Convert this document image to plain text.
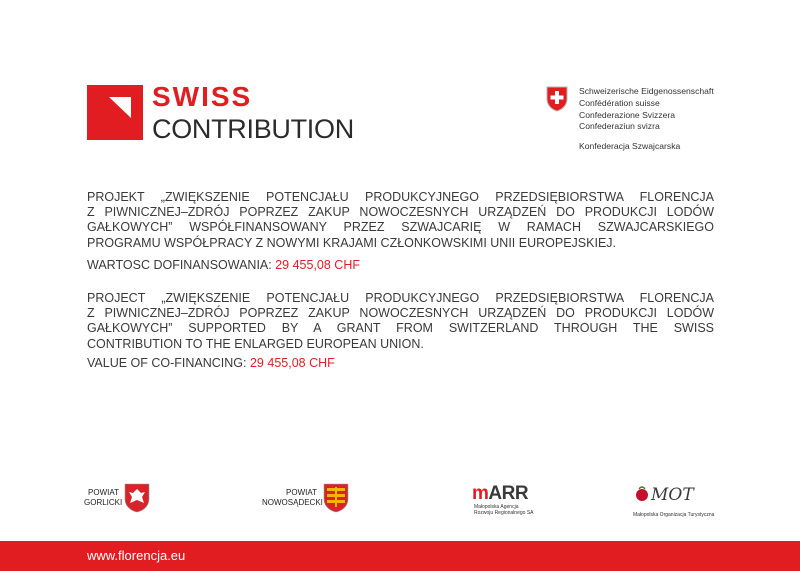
SWISS
CONTRIBUTION
Schweizerische Eidgenossenschaft
Confédération suisse
Confederazione Svizzera
Confederaziun svizra
Konfederacja Szwajcarska
PROJEKT „ZWIĘKSZENIE POTENCJAŁU PRODUKCYJNEGO PRZEDSIĘBIORSTWA FLORENCJA
Z PIWNICZNEJ–ZDRÓJ POPRZEZ ZAKUP NOWOCZESNYCH URZĄDZEŃ DO PRODUKCJI LODÓW
GAŁKOWYCH” WSPÓŁFINANSOWANY PRZEZ SZWAJCARIĘ W RAMACH SZWAJCARSKIEGO
PROGRAMU WSPÓŁPRACY Z NOWYMI KRAJAMI CZŁONKOWSKIMI UNII EUROPEJSKIEJ.
WARTOSC DOFINANSOWANIA: 29 455,08 CHF
PROJECT „ZWIĘKSZENIE POTENCJAŁU PRODUKCYJNEGO PRZEDSIĘBIORSTWA FLORENCJA
Z PIWNICZNEJ–ZDRÓJ POPRZEZ ZAKUP NOWOCZESNYCH URZĄDZEŃ DO PRODUKCJI LODÓW
GAŁKOWYCH” SUPPORTED BY A GRANT FROM SWITZERLAND THROUGH THE SWISS
CONTRIBUTION TO THE ENLARGED EUROPEAN UNION.
VALUE OF CO-FINANCING: 29 455,08 CHF
POWIAT
GORLICKI
POWIAT
NOWOSĄDECKI	mARR
Małopolska Agencja
Rozwoju Regionalnego SA
MOT
Małopolska Organizacja Turystyczna
www.florencja.eu
